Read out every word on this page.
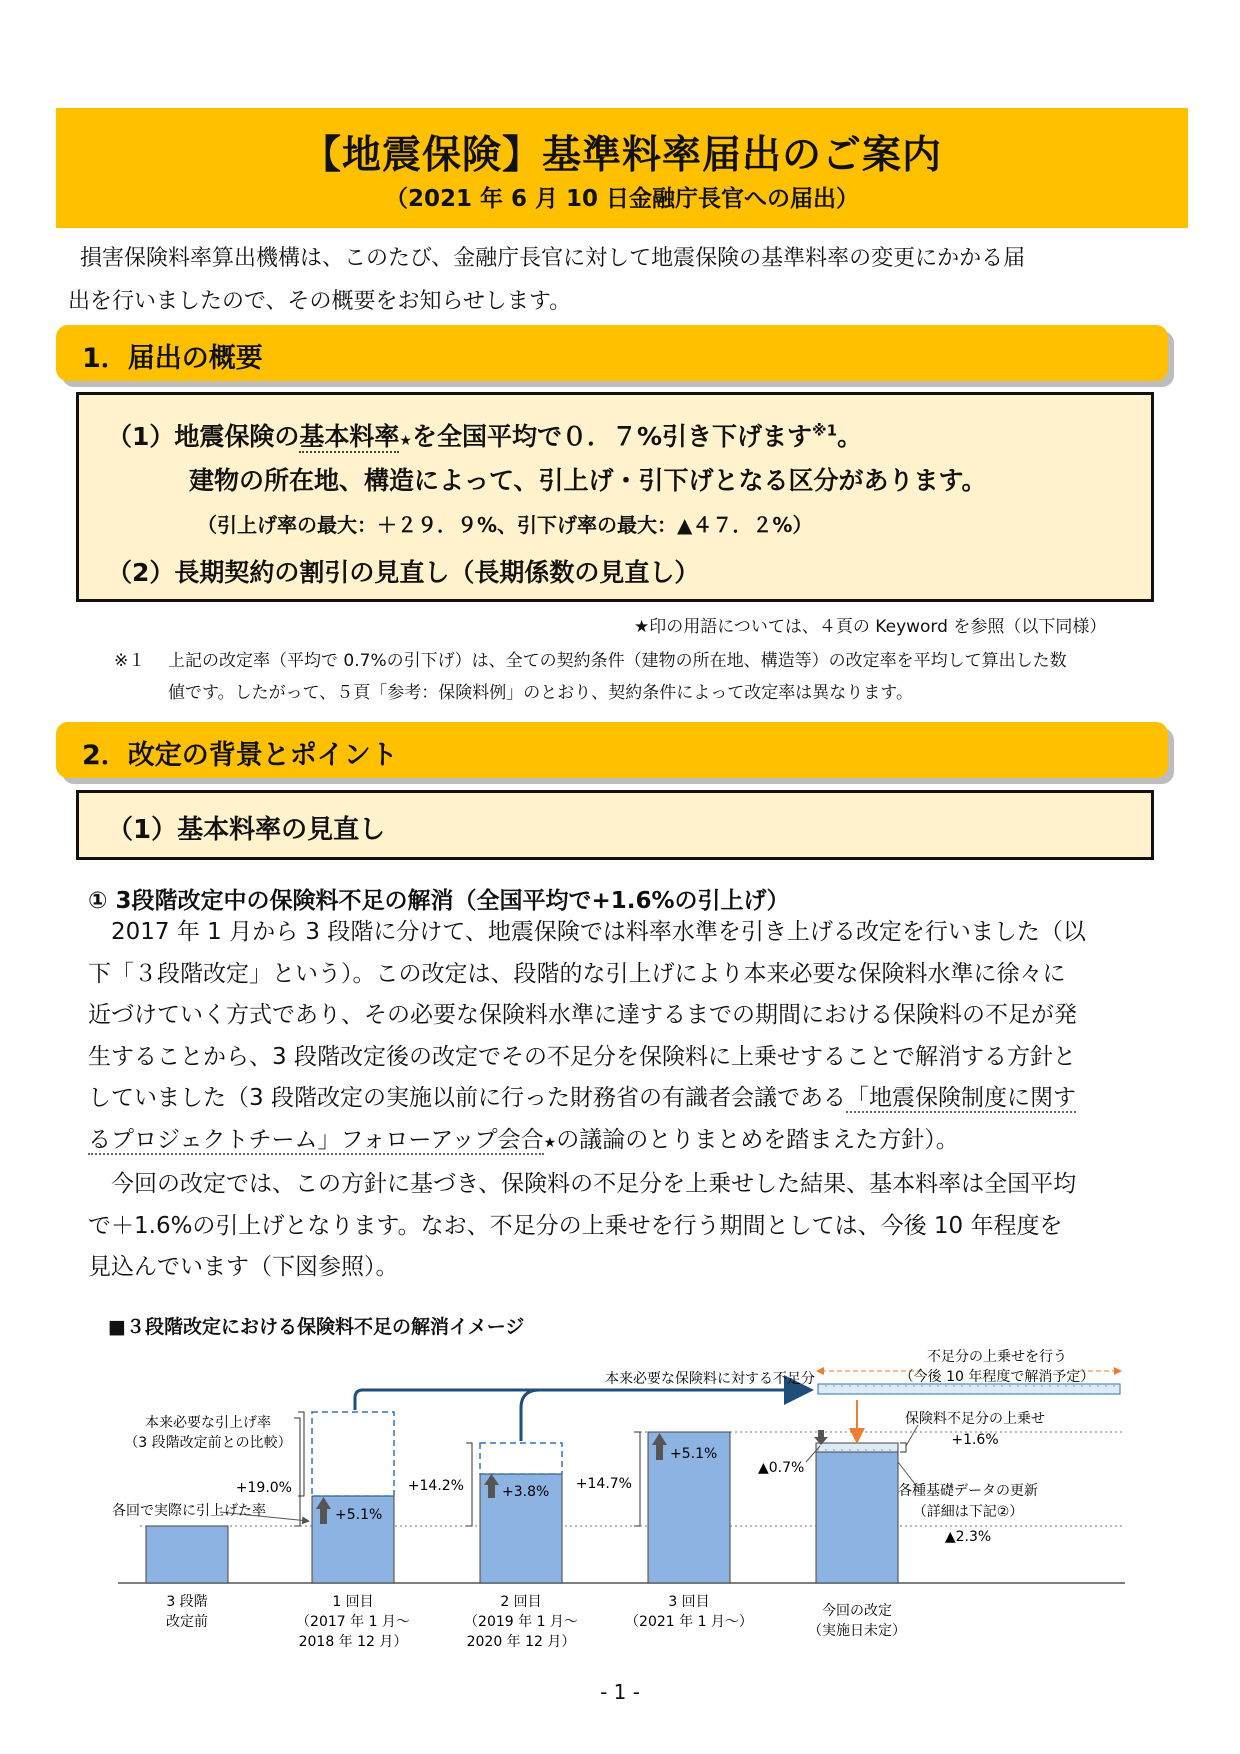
【地震保険】基準料率届出のご案内
（2021 年 6 月 10 日金融庁長官への届出）
損害保険料率算出機構は、このたび、金融庁長官に対して地震保険の基準料率の変更にかかる届
出を行いましたので、その概要をお知らせします。
1．届出の概要
（1）地震保険の基本料率★を全国平均で０．７%引き下げます$^{※1}$。
建物の所在地、構造によって、引上げ・引下げとなる区分があります。
（引上げ率の最大：＋２９．９%、引下げ率の最大：▲４７．２%）
（2）長期契約の割引の見直し（長期係数の見直し）
★印の用語については、４頁の Keyword を参照（以下同様）
※１ 上記の改定率（平均で 0.7%の引下げ）は、全ての契約条件（建物の所在地、構造等）の改定率を平均して算出した数
値です。したがって、５頁「参考：保険料例」のとおり、契約条件によって改定率は異なります。
2．改定の背景とポイント
（1）基本料率の見直し
① 3段階改定中の保険料不足の解消（全国平均で+1.6%の引上げ）

2017 年 1 月から 3 段階に分けて、地震保険では料率水準を引き上げる改定を行いました（以

下「３段階改定」という）。この改定は、段階的な引上げにより本来必要な保険料水準に徐々に
近づけていく方式であり、その必要な保険料水準に達するまでの期間における保険料の不足が発
生することから、3 段階改定後の改定でその不足分を保険料に上乗せすることで解消する方針と
していました（3 段階改定の実施以前に行った財務省の有識者会議である「地震保険制度に関す
るプロジェクトチーム」フォローアップ会合★の議論のとりまとめを踏まえた方針）。

今回の改定では、この方針に基づき、保険料の不足分を上乗せした結果、基本料率は全国平均

で＋1.6%の引上げとなります。なお、不足分の上乗せを行う期間としては、今後 10 年程度を
見込んでいます（下図参照）。
■３段階改定における保険料不足の解消イメージ
本来必要な保険料に対する不足分
不足分の上乗せを行う
（今後 10 年程度で解消予定）
本来必要な引上げ率
（3 段階改定前との比較）
各回で実際に引上げた率
+19.0%
+5.1%
+14.2%	+3.8% +14.7%
+5.1%
▲0.7%
保険料不足分の上乗せ
+1.6%
各種基礎データの更新
（詳細は下記②）
▲2.3%
3 段階
改定前
1 回目
（2017 年 1 月～
2018 年 12 月）
2 回目
（2019 年 1 月～
2020 年 12 月）
3 回目
（2021 年 1 月～）
今回の改定
（実施日未定）
- 1 -
